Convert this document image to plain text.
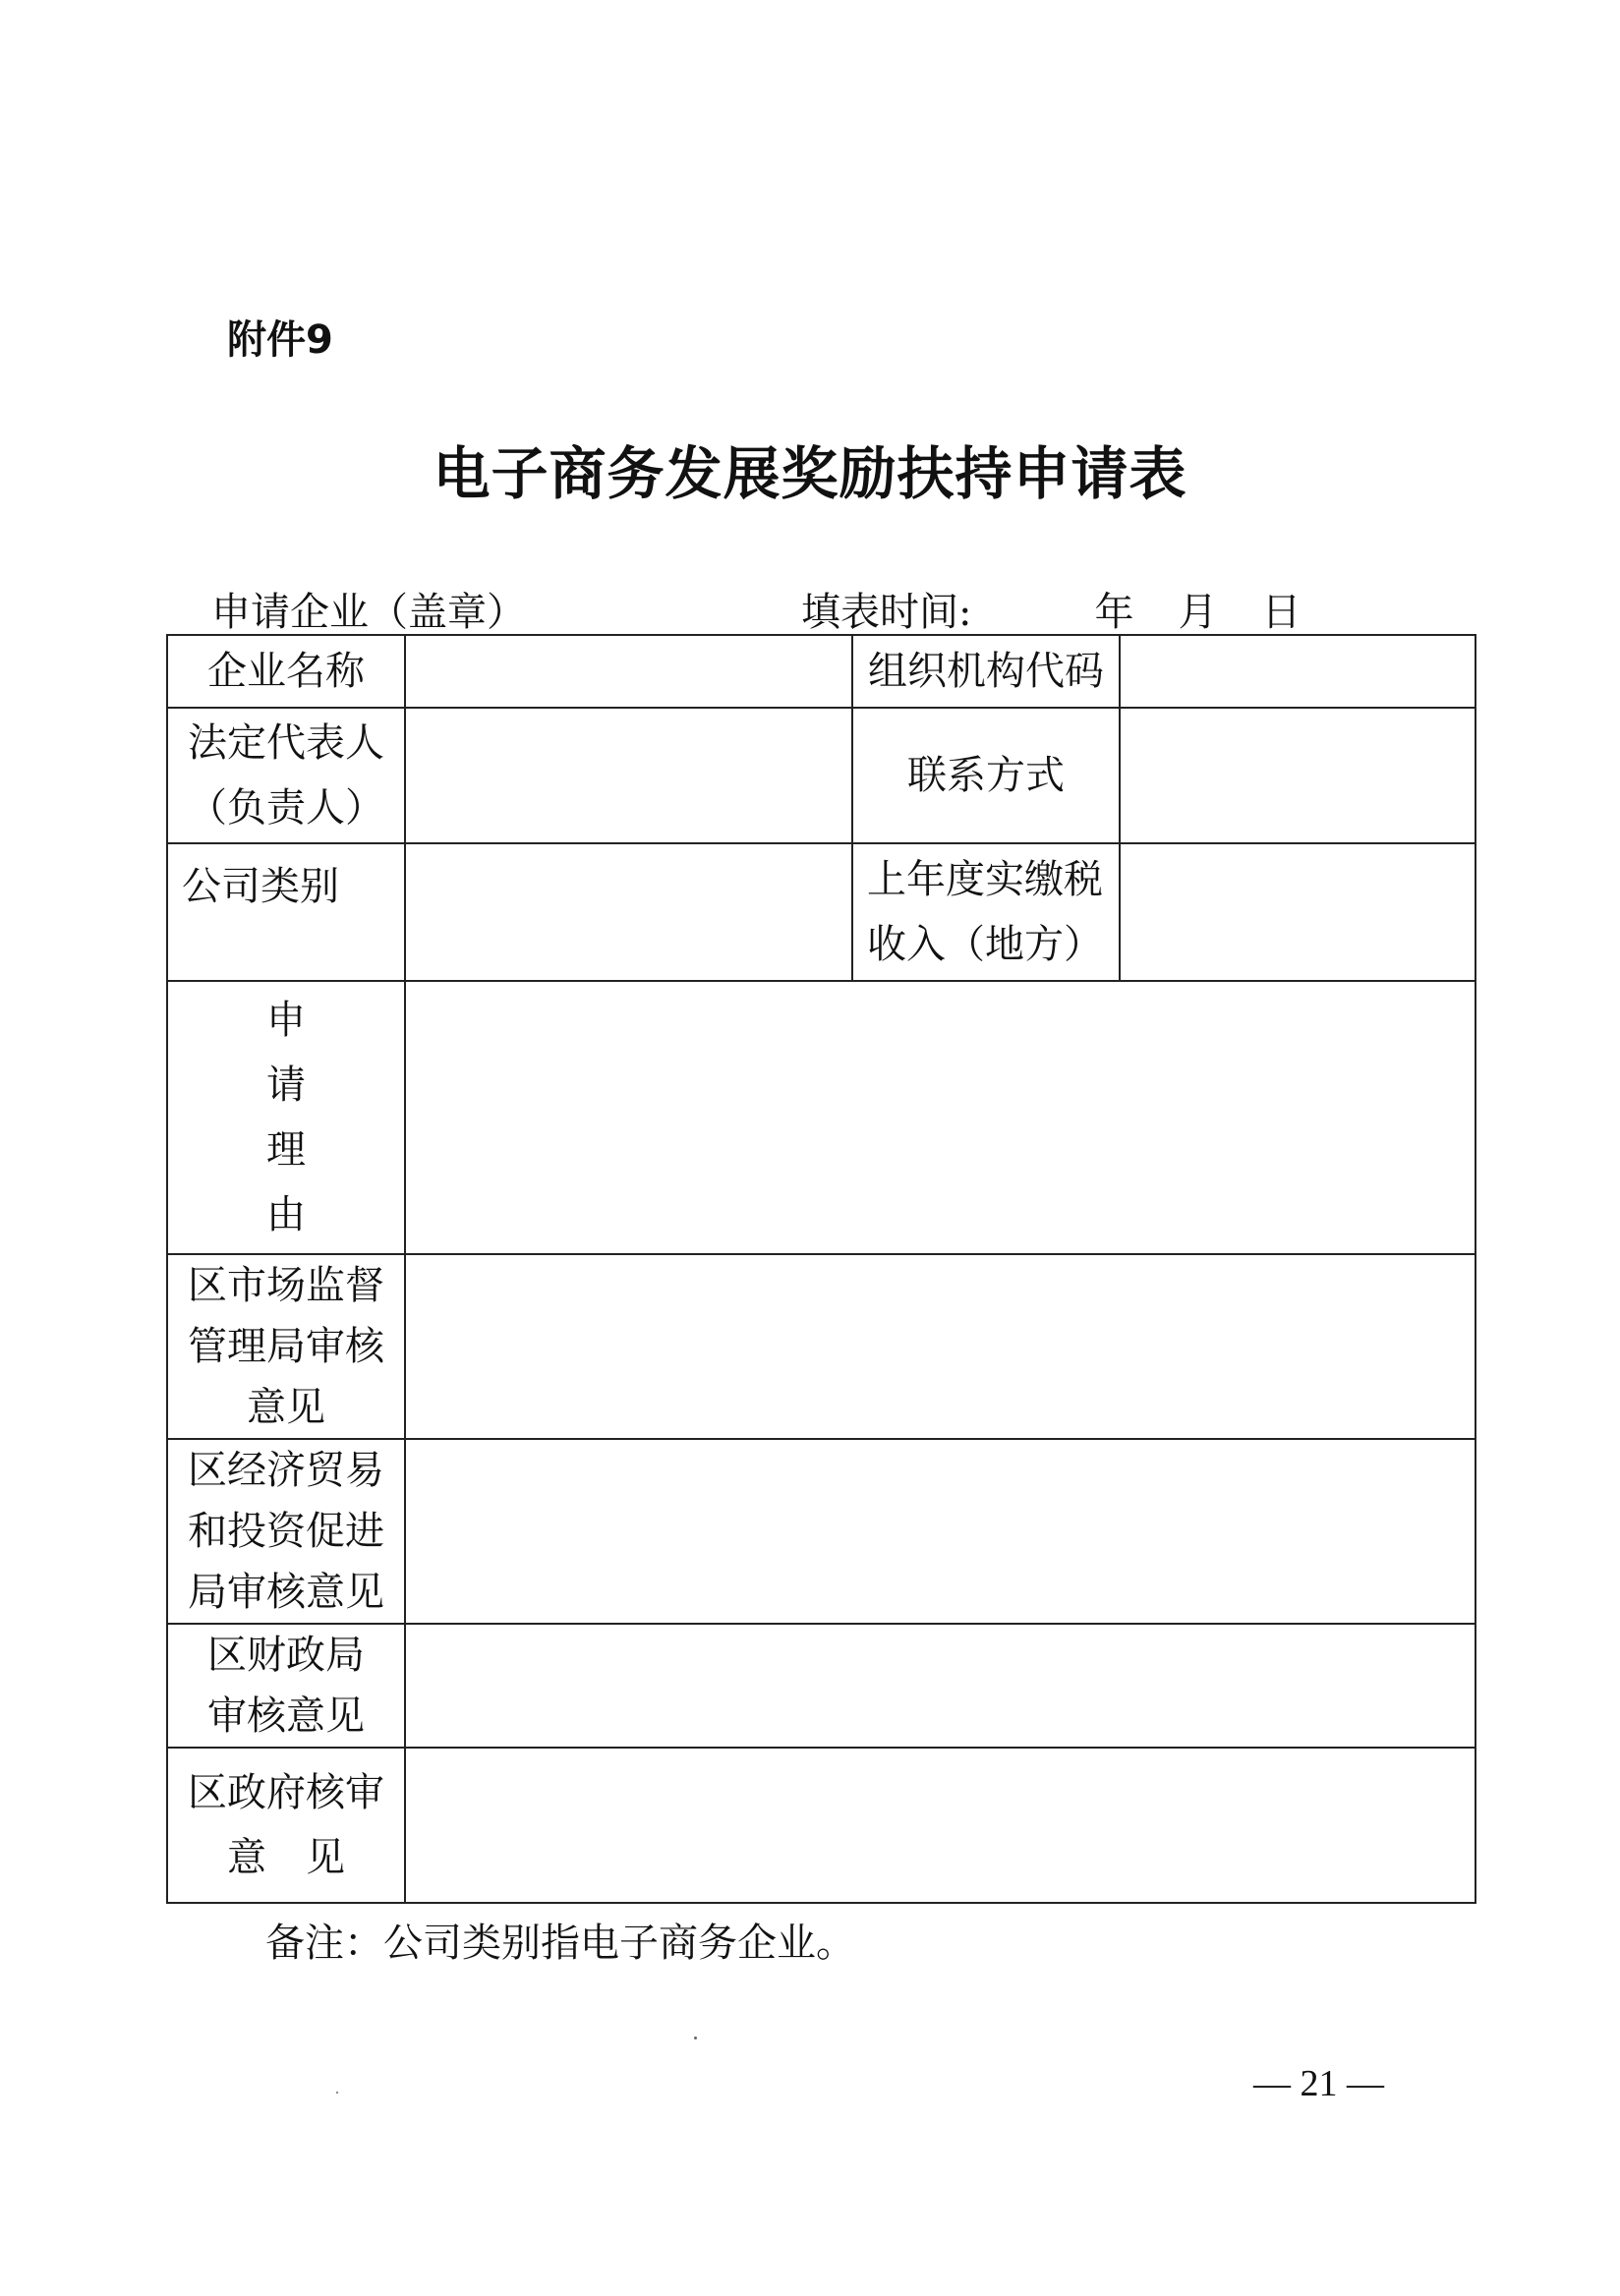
附件9
电子商务发展奖励扶持申请表
申请企业（盖章）	填表时间:	年 月 日
企业名称		组织机构代码	

法定代表人
（负责人）		联系方式	
公司类别		上年度实缴税
收入（地方）	

申
请
理
由			

区市场监督
管理局审核
意见			

区经济贸易
和投资促进
局审核意见			

区财政局
审核意见			

区政府核审
意　见			

备注：公司类别指电子商务企业。
— 21 —
